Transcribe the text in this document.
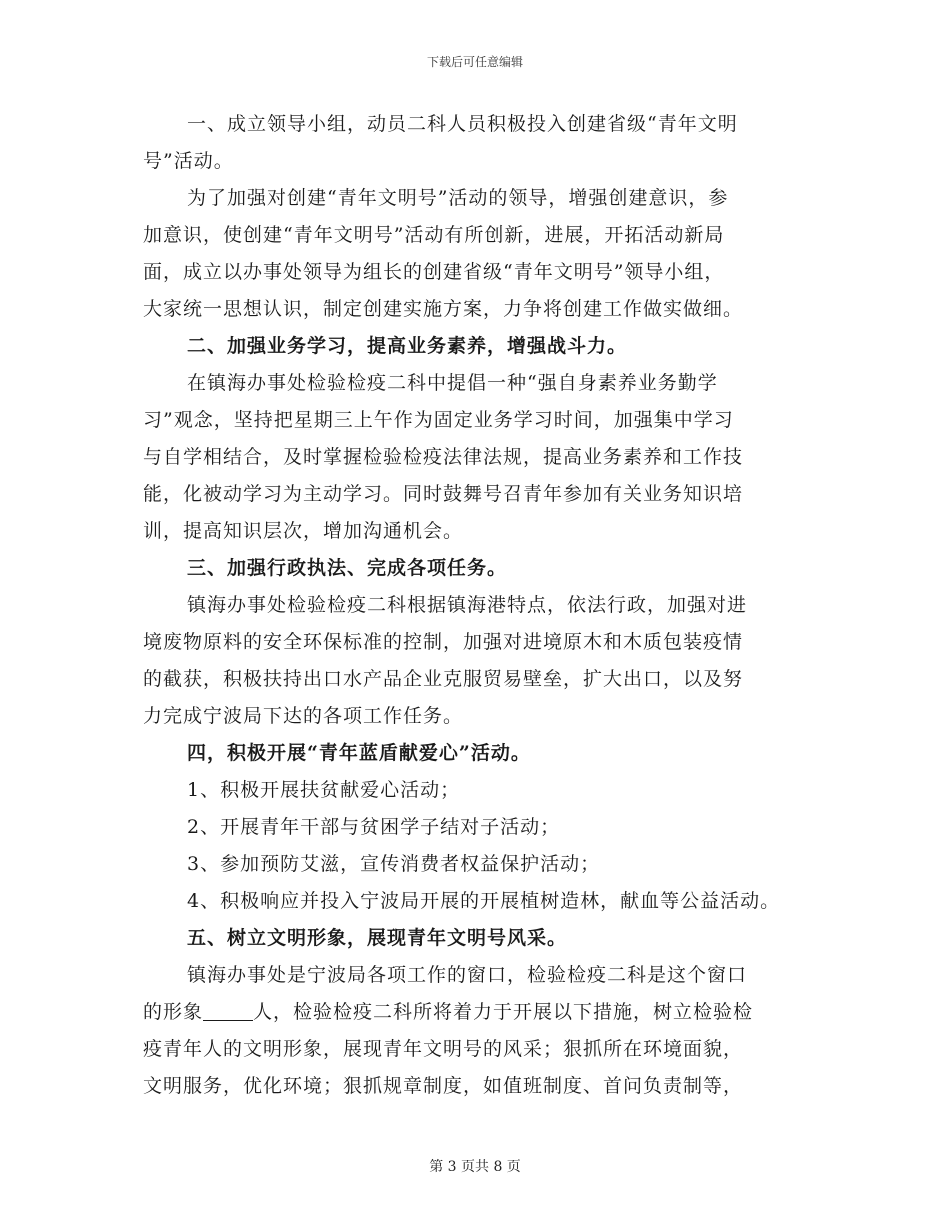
下载后可任意编辑

一、成立领导小组，动员二科人员积极投入创建省级“青年文明

号”活动。

为了加强对创建“青年文明号”活动的领导，增强创建意识，参

加意识，使创建“青年文明号”活动有所创新，进展，开拓活动新局

面，成立以办事处领导为组长的创建省级“青年文明号”领导小组，

大家统一思想认识，制定创建实施方案，力争将创建工作做实做细。

二、加强业务学习，提高业务素养，增强战斗力。

在镇海办事处检验检疫二科中提倡一种“强自身素养业务勤学

习”观念，坚持把星期三上午作为固定业务学习时间，加强集中学习

与自学相结合，及时掌握检验检疫法律法规，提高业务素养和工作技

能，化被动学习为主动学习。同时鼓舞号召青年参加有关业务知识培

训，提高知识层次，增加沟通机会。

三、加强行政执法、完成各项任务。

镇海办事处检验检疫二科根据镇海港特点，依法行政，加强对进

境废物原料的安全环保标准的控制，加强对进境原木和木质包装疫情

的截获，积极扶持出口水产品企业克服贸易壁垒，扩大出口，以及努

力完成宁波局下达的各项工作任务。

四，积极开展“青年蓝盾献爱心”活动。

1、积极开展扶贫献爱心活动；

2、开展青年干部与贫困学子结对子活动；

3、参加预防艾滋，宣传消费者权益保护活动；

4、积极响应并投入宁波局开展的开展植树造林，献血等公益活动。

五、树立文明形象，展现青年文明号风采。

镇海办事处是宁波局各项工作的窗口，检验检疫二科是这个窗口

的形象	人，检验检疫二科所将着力于开展以下措施，树立检验检

疫青年人的文明形象，展现青年文明号的风采；狠抓所在环境面貌，

文明服务，优化环境；狠抓规章制度，如值班制度、首问负责制等，

第 3 页共 8 页
